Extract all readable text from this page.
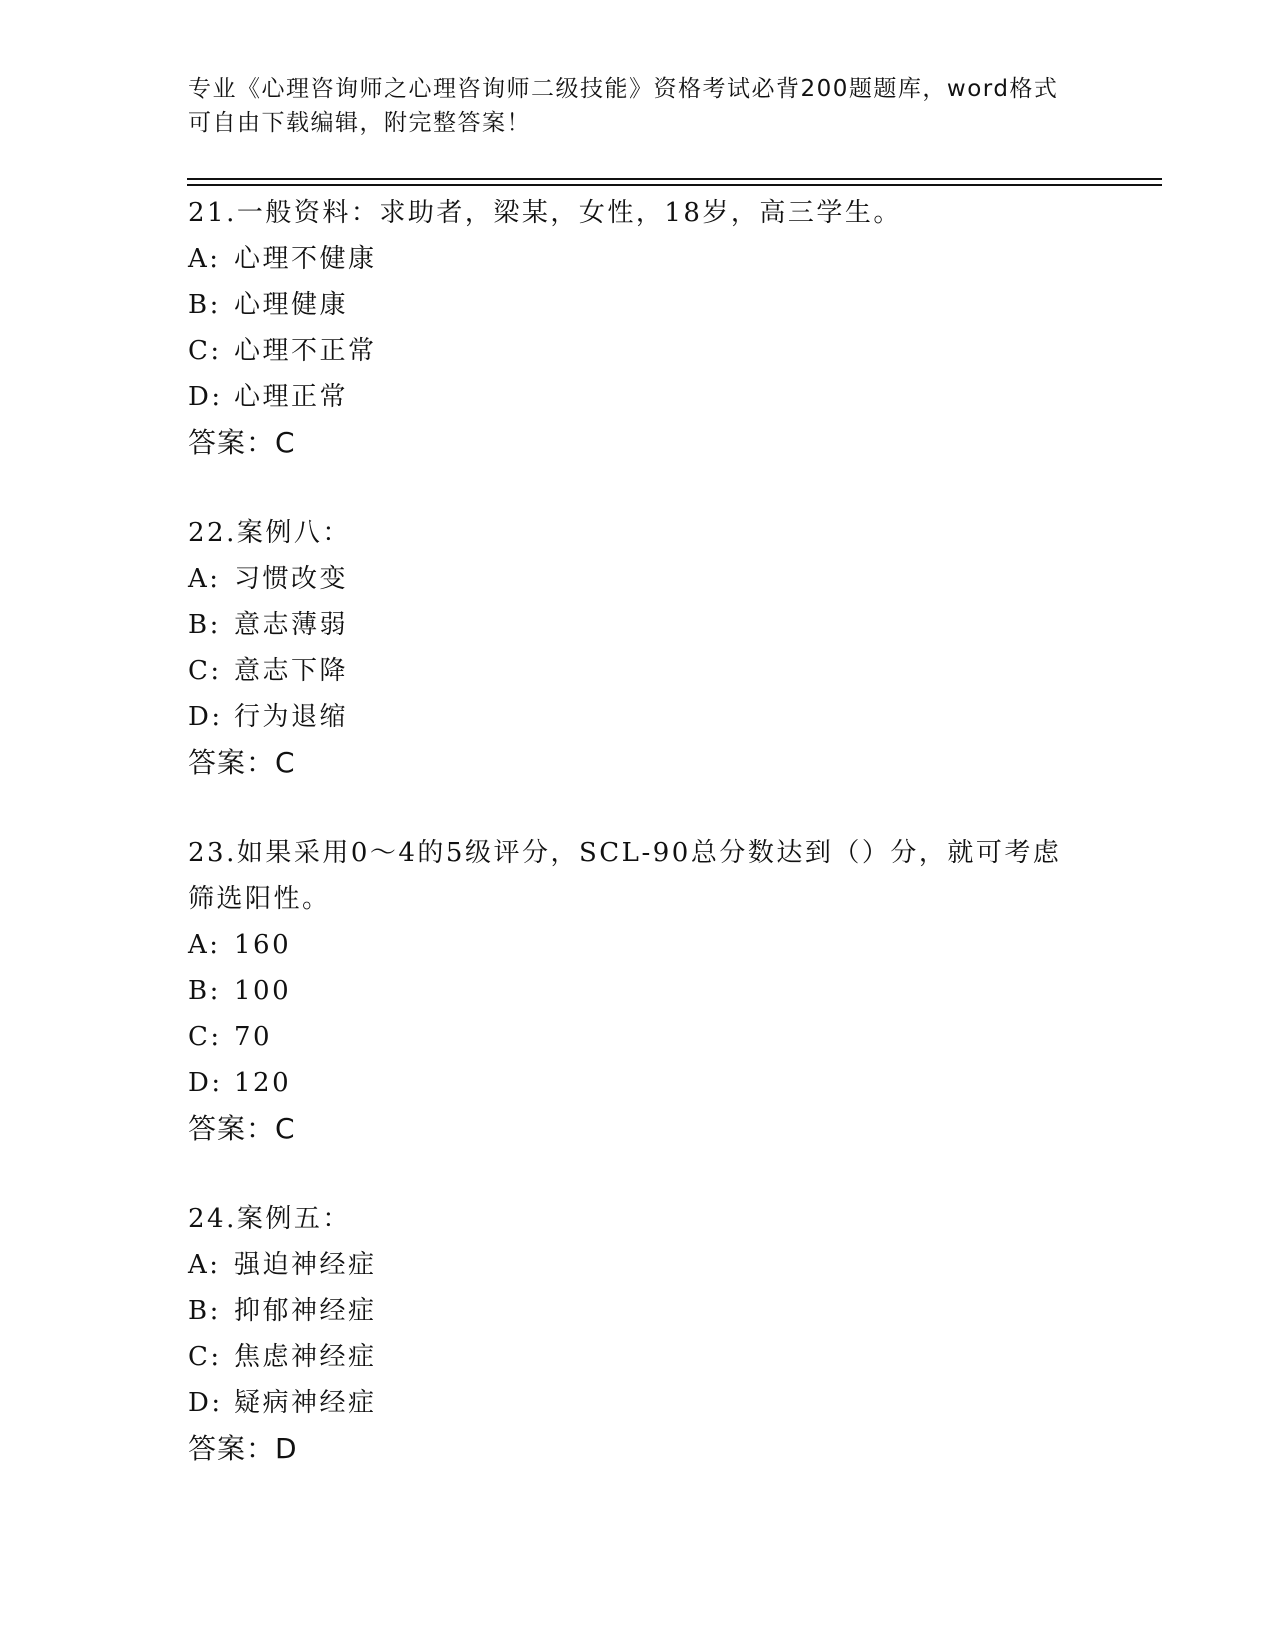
专业《心理咨询师之心理咨询师二级技能》资格考试必背200题题库，word格式
可自由下载编辑，附完整答案！
21.一般资料：求助者，梁某，女性，18岁，高三学生。
A: 心理不健康
B: 心理健康
C: 心理不正常
D: 心理正常
答案：C
22.案例八：
A: 习惯改变
B: 意志薄弱
C: 意志下降
D: 行为退缩
答案：C
23.如果采用0～4的5级评分，SCL-90总分数达到（）分，就可考虑筛选阳性。
A: 160
B: 100
C: 70
D: 120
答案：C
24.案例五：
A: 强迫神经症
B: 抑郁神经症
C: 焦虑神经症
D: 疑病神经症
答案：D
